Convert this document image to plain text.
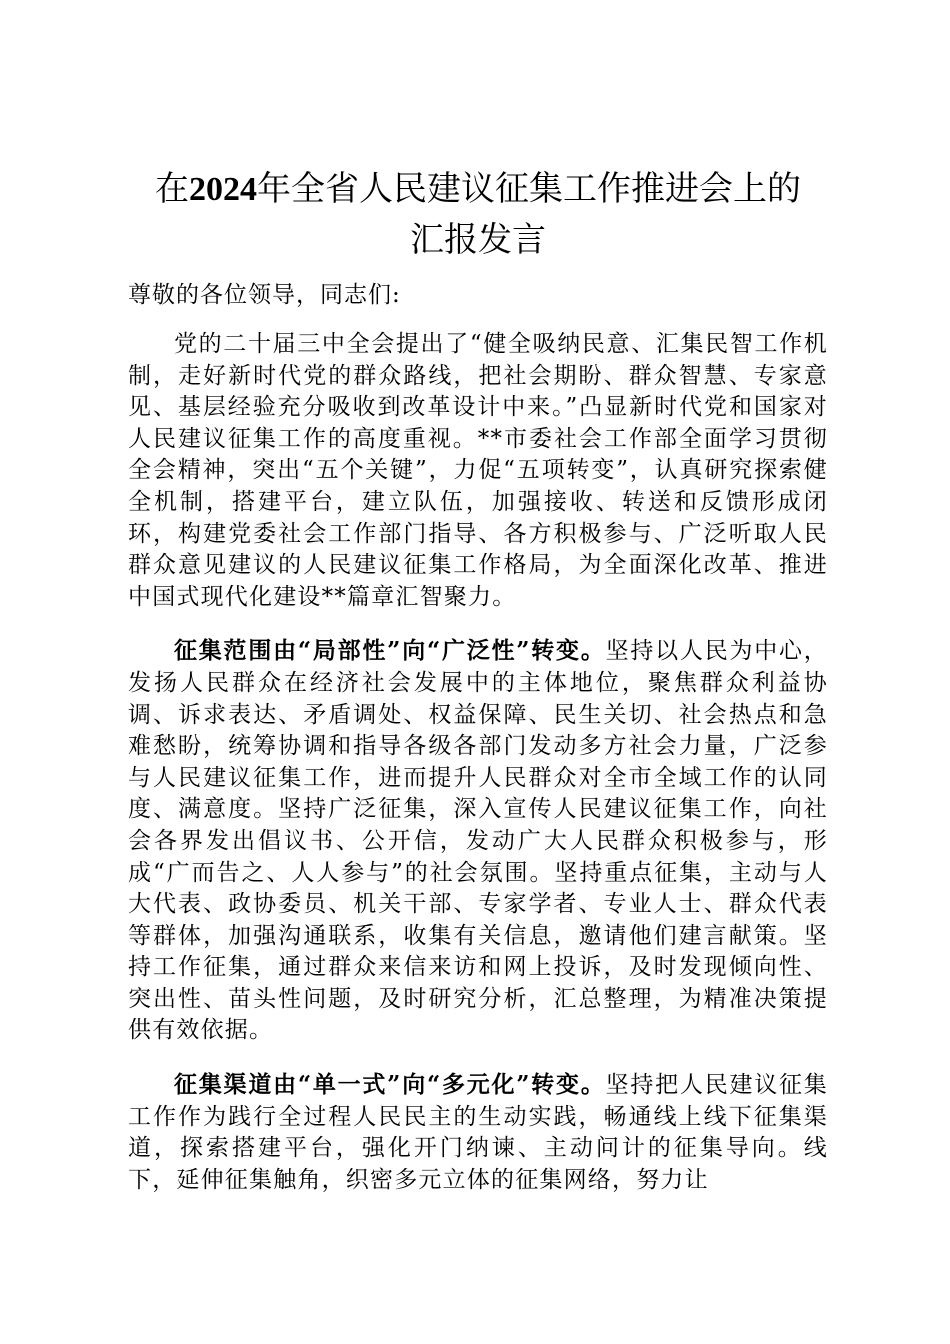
在2024年全省人民建议征集工作推进会上的
汇报发言
尊敬的各位领导，同志们:

党的二十届三中全会提出了“健全吸纳民意、汇集民智工作机制，走好新时代党的群众路线，把社会期盼、群众智慧、专家意见、基层经验充分吸收到改革设计中来。”凸显新时代党和国家对人民建议征集工作的高度重视。**市委社会工作部全面学习贯彻全会精神，突出“五个关键”，力促“五项转变”，认真研究探索健全机制，搭建平台，建立队伍，加强接收、转送和反馈形成闭环，构建党委社会工作部门指导、各方积极参与、广泛听取人民群众意见建议的人民建议征集工作格局，为全面深化改革、推进中国式现代化建设**篇章汇智聚力。

征集范围由“局部性”向“广泛性”转变。坚持以人民为中心，发扬人民群众在经济社会发展中的主体地位，聚焦群众利益协调、诉求表达、矛盾调处、权益保障、民生关切、社会热点和急难愁盼，统筹协调和指导各级各部门发动多方社会力量，广泛参与人民建议征集工作，进而提升人民群众对全市全域工作的认同度、满意度。坚持广泛征集，深入宣传人民建议征集工作，向社会各界发出倡议书、公开信，发动广大人民群众积极参与，形成“广而告之、人人参与”的社会氛围。坚持重点征集，主动与人大代表、政协委员、机关干部、专家学者、专业人士、群众代表等群体，加强沟通联系，收集有关信息，邀请他们建言献策。坚持工作征集，通过群众来信来访和网上投诉，及时发现倾向性、突出性、苗头性问题，及时研究分析，汇总整理，为精准决策提供有效依据。

征集渠道由“单一式”向“多元化”转变。坚持把人民建议征集工作作为践行全过程人民民主的生动实践，畅通线上线下征集渠道，探索搭建平台，强化开门纳谏、主动问计的征集导向。线下，延伸征集触角，织密多元立体的征集网络，努力让
